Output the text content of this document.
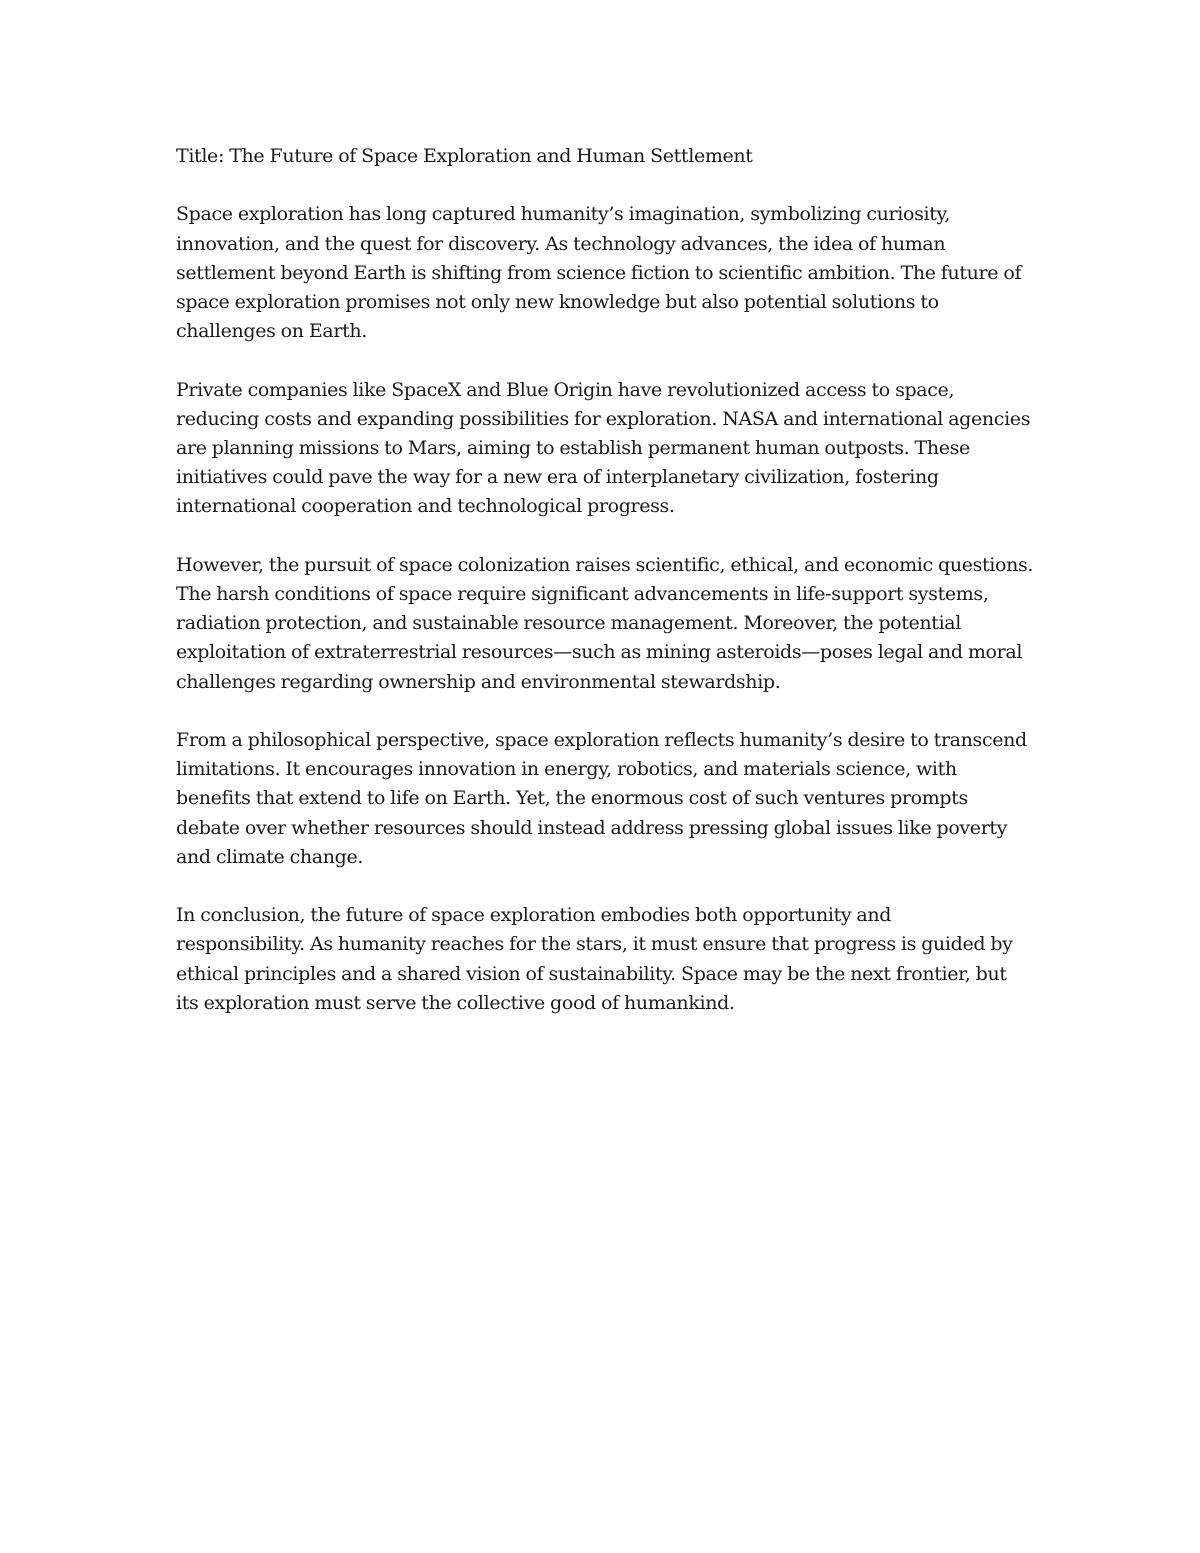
Title: The Future of Space Exploration and Human Settlement

Space exploration has long captured humanity’s imagination, symbolizing curiosity,
innovation, and the quest for discovery. As technology advances, the idea of human
settlement beyond Earth is shifting from science fiction to scientific ambition. The future of
space exploration promises not only new knowledge but also potential solutions to
challenges on Earth.

Private companies like SpaceX and Blue Origin have revolutionized access to space,
reducing costs and expanding possibilities for exploration. NASA and international agencies
are planning missions to Mars, aiming to establish permanent human outposts. These
initiatives could pave the way for a new era of interplanetary civilization, fostering
international cooperation and technological progress.

However, the pursuit of space colonization raises scientific, ethical, and economic questions.
The harsh conditions of space require significant advancements in life-support systems,
radiation protection, and sustainable resource management. Moreover, the potential
exploitation of extraterrestrial resources—such as mining asteroids—poses legal and moral
challenges regarding ownership and environmental stewardship.

From a philosophical perspective, space exploration reflects humanity’s desire to transcend
limitations. It encourages innovation in energy, robotics, and materials science, with
benefits that extend to life on Earth. Yet, the enormous cost of such ventures prompts
debate over whether resources should instead address pressing global issues like poverty
and climate change.

In conclusion, the future of space exploration embodies both opportunity and
responsibility. As humanity reaches for the stars, it must ensure that progress is guided by
ethical principles and a shared vision of sustainability. Space may be the next frontier, but
its exploration must serve the collective good of humankind.
